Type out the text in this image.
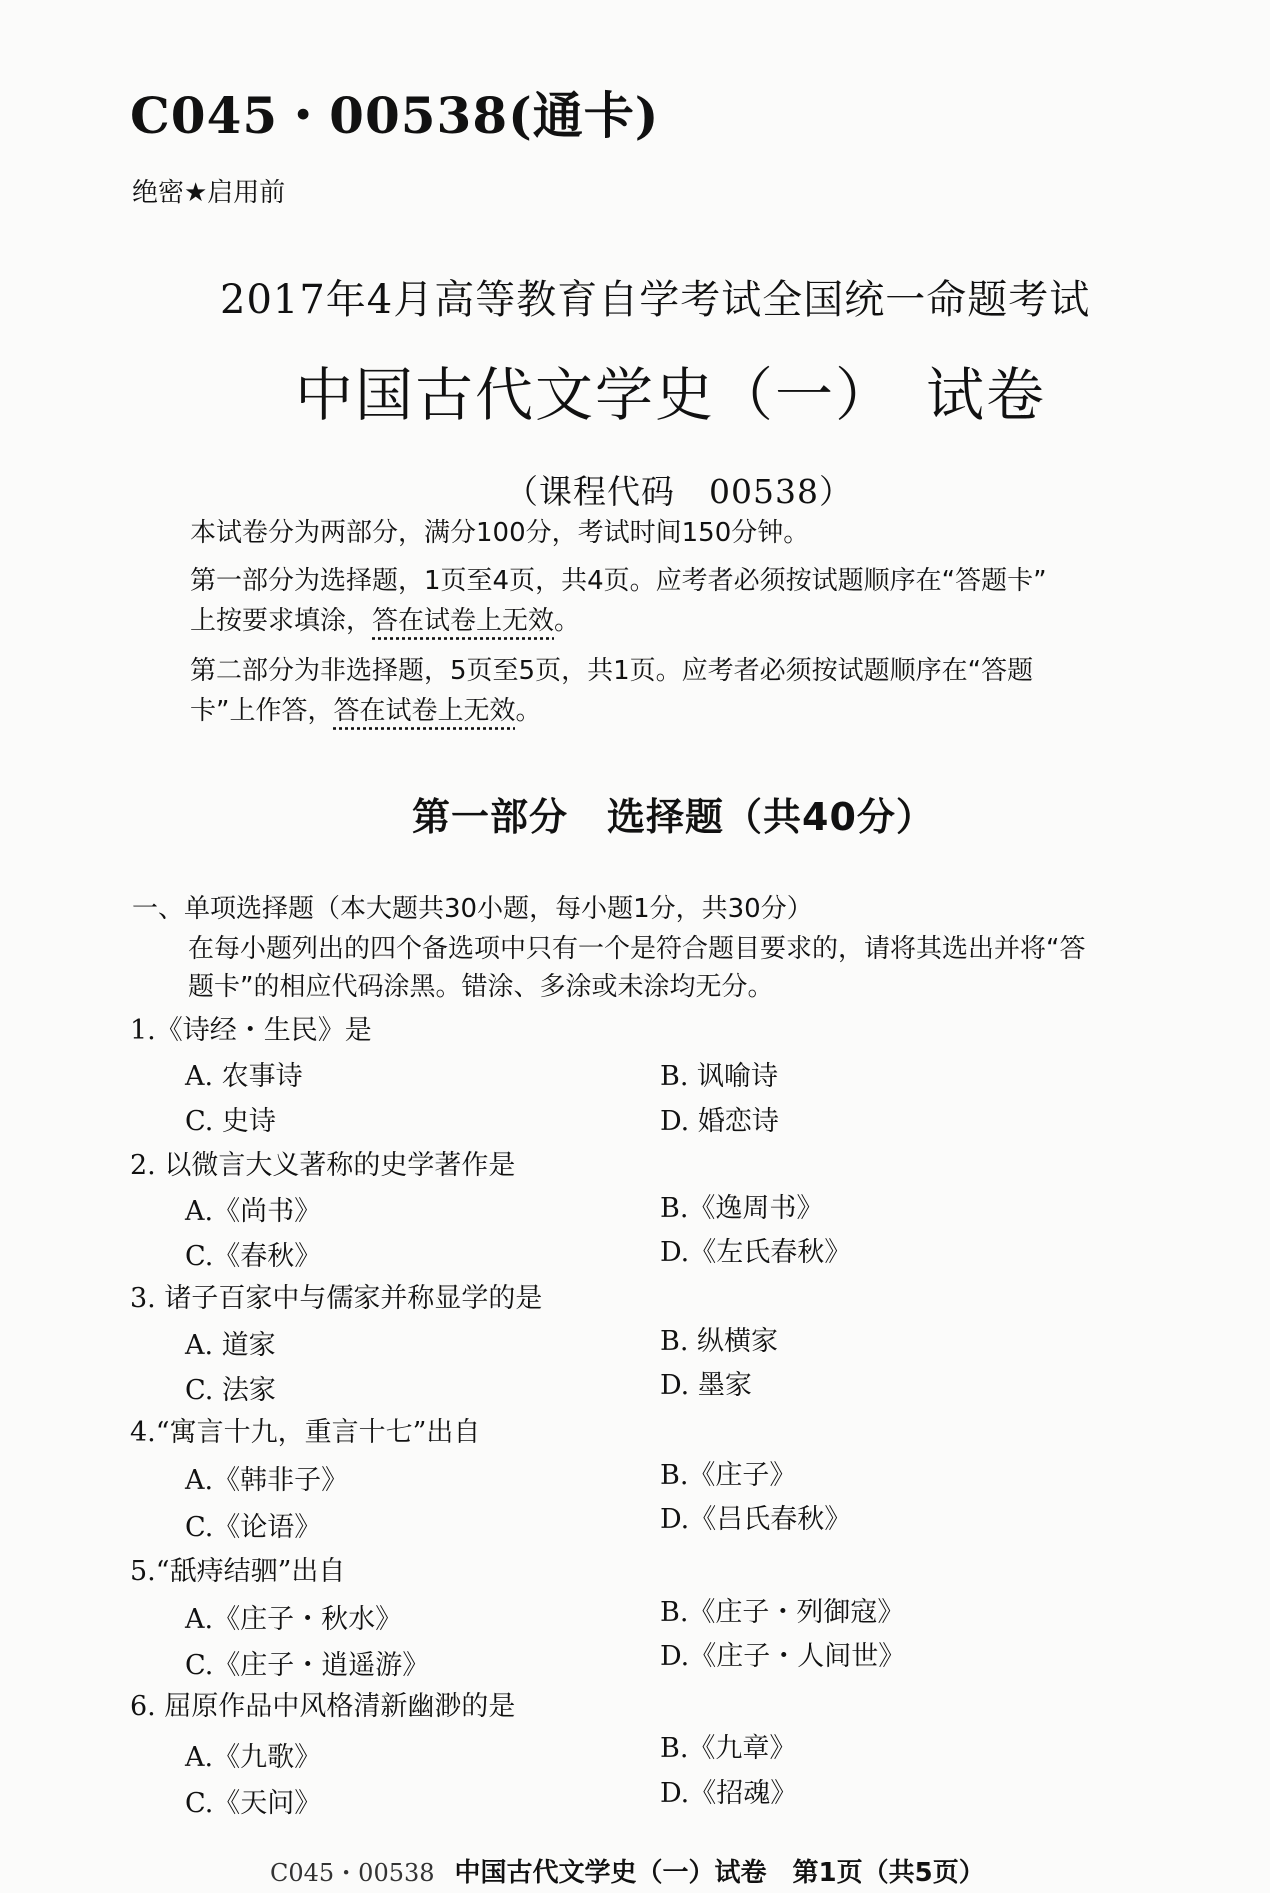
C045・00538(通卡)
绝密★启用前
2017年4月高等教育自学考试全国统一命题考试
中国古代文学史（一）　试卷
（课程代码　00538）
本试卷分为两部分，满分100分，考试时间150分钟。
第一部分为选择题，1页至4页，共4页。应考者必须按试题顺序在“答题卡”
上按要求填涂，答在试卷上无效。
第二部分为非选择题，5页至5页，共1页。应考者必须按试题顺序在“答题
卡”上作答，答在试卷上无效。
第一部分　选择题（共40分）
一、单项选择题（本大题共30小题，每小题1分，共30分）
在每小题列出的四个备选项中只有一个是符合题目要求的，请将其选出并将“答
题卡”的相应代码涂黑。错涂、多涂或未涂均无分。
1.《诗经・生民》是
A. 农事诗	B. 讽喻诗
C. 史诗	D. 婚恋诗
2. 以微言大义著称的史学著作是
A.《尚书》	B.《逸周书》
C.《春秋》	D.《左氏春秋》
3. 诸子百家中与儒家并称显学的是
A. 道家	B. 纵横家
C. 法家	D. 墨家
4.“寓言十九，重言十七”出自
A.《韩非子》	B.《庄子》
C.《论语》	D.《吕氏春秋》
5.“舐痔结驷”出自
A.《庄子・秋水》	B.《庄子・列御寇》
C.《庄子・逍遥游》	D.《庄子・人间世》
6. 屈原作品中风格清新幽渺的是
A.《九歌》	B.《九章》
C.《天问》	D.《招魂》
C045・00538 中国古代文学史（一）试卷　第1页（共5页）
